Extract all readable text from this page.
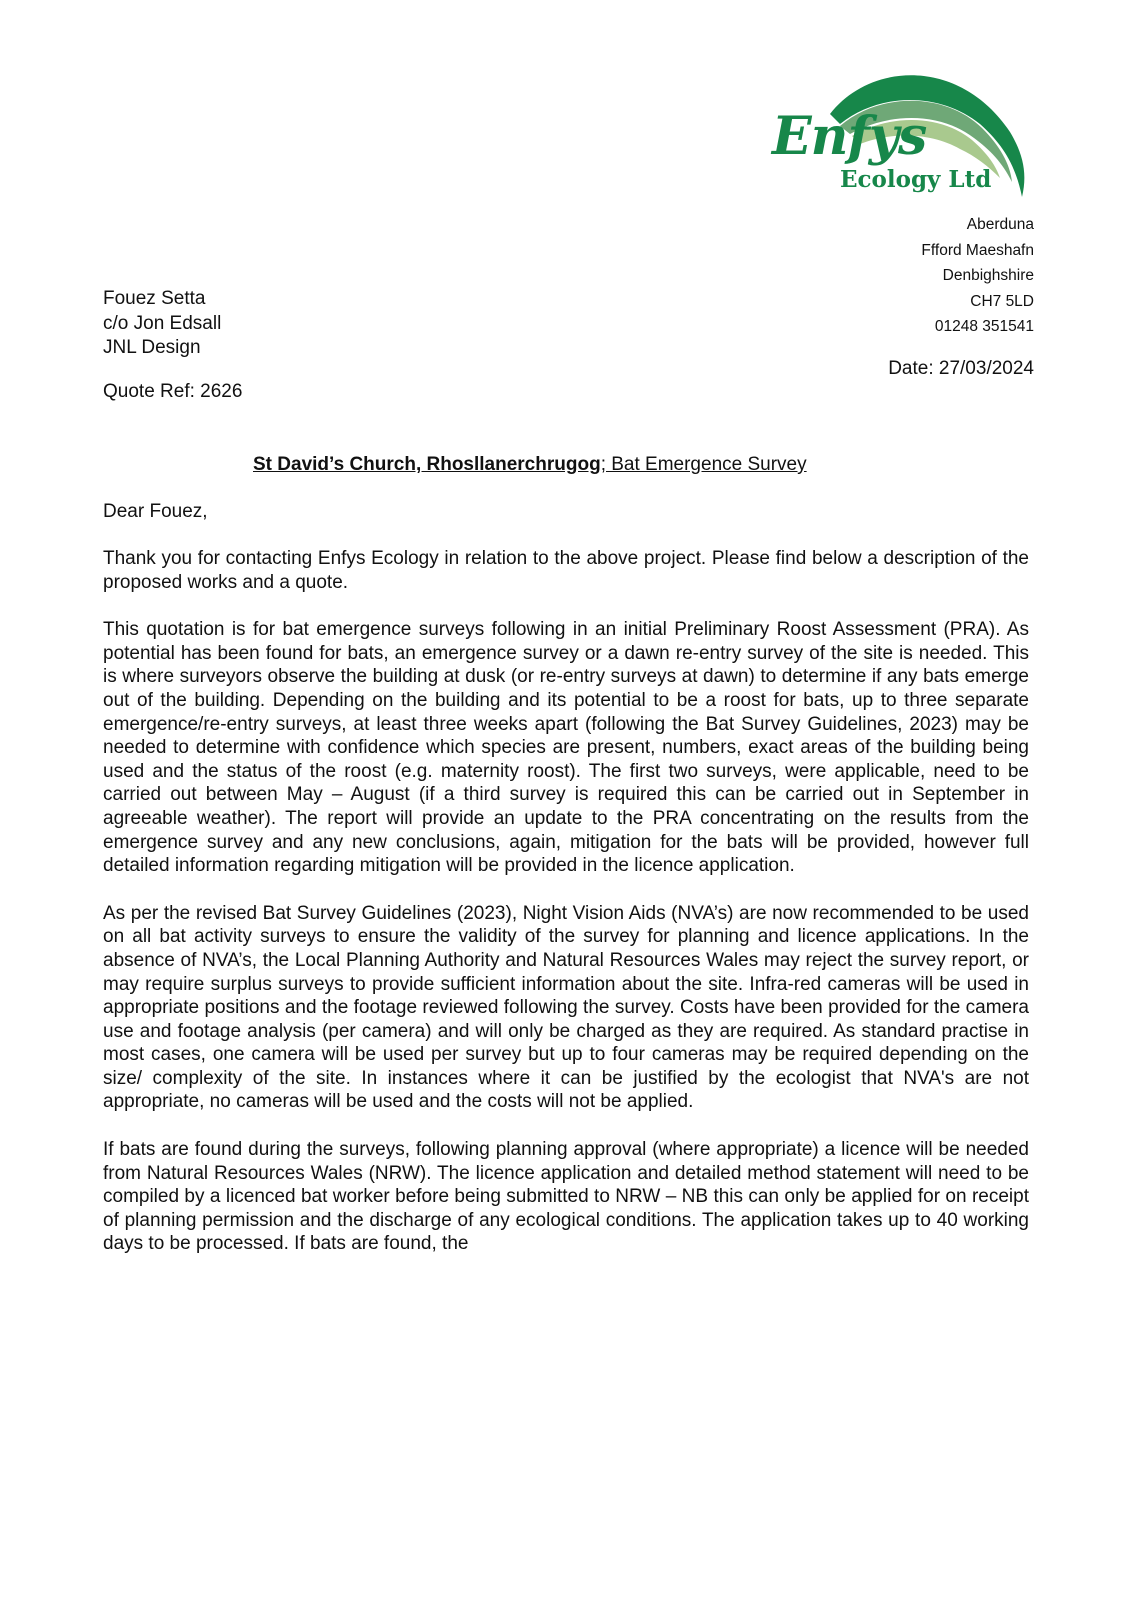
Enfys
Ecology Ltd
Aberduna
Ffford Maeshafn
Denbighshire
CH7 5LD
01248 351541
Date: 27/03/2024
Fouez Setta
c/o Jon Edsall
JNL Design
Quote Ref: 2626
St David’s Church, Rhosllanerchrugog; Bat Emergence Survey
Dear Fouez,

Thank you for contacting Enfys Ecology in relation to the above project. Please find below a description of the proposed works and a quote.

This quotation is for bat emergence surveys following in an initial Preliminary Roost Assessment (PRA). As potential has been found for bats, an emergence survey or a dawn re-entry survey of the site is needed. This is where surveyors observe the building at dusk (or re-entry surveys at dawn) to determine if any bats emerge out of the building. Depending on the building and its potential to be a roost for bats, up to three separate emergence/re-entry surveys, at least three weeks apart (following the Bat Survey Guidelines, 2023) may be needed to determine with confidence which species are present, numbers, exact areas of the building being used and the status of the roost (e.g. maternity roost). The first two surveys, were applicable, need to be carried out between May – August (if a third survey is required this can be carried out in September in agreeable weather). The report will provide an update to the PRA concentrating on the results from the emergence survey and any new conclusions, again, mitigation for the bats will be provided, however full detailed information regarding mitigation will be provided in the licence application.

As per the revised Bat Survey Guidelines (2023), Night Vision Aids (NVA’s) are now recommended to be used on all bat activity surveys to ensure the validity of the survey for planning and licence applications. In the absence of NVA’s, the Local Planning Authority and Natural Resources Wales may reject the survey report, or may require surplus surveys to provide sufficient information about the site. Infra-red cameras will be used in appropriate positions and the footage reviewed following the survey. Costs have been provided for the camera use and footage analysis (per camera) and will only be charged as they are required. As standard practise in most cases, one camera will be used per survey but up to four cameras may be required depending on the size/ complexity of the site. In instances where it can be justified by the ecologist that NVA's are not appropriate, no cameras will be used and the costs will not be applied.

If bats are found during the surveys, following planning approval (where appropriate) a licence will be needed from Natural Resources Wales (NRW). The licence application and detailed method statement will need to be compiled by a licenced bat worker before being submitted to NRW – NB this can only be applied for on receipt of planning permission and the discharge of any ecological conditions. The application takes up to 40 working days to be processed. If bats are found, the
